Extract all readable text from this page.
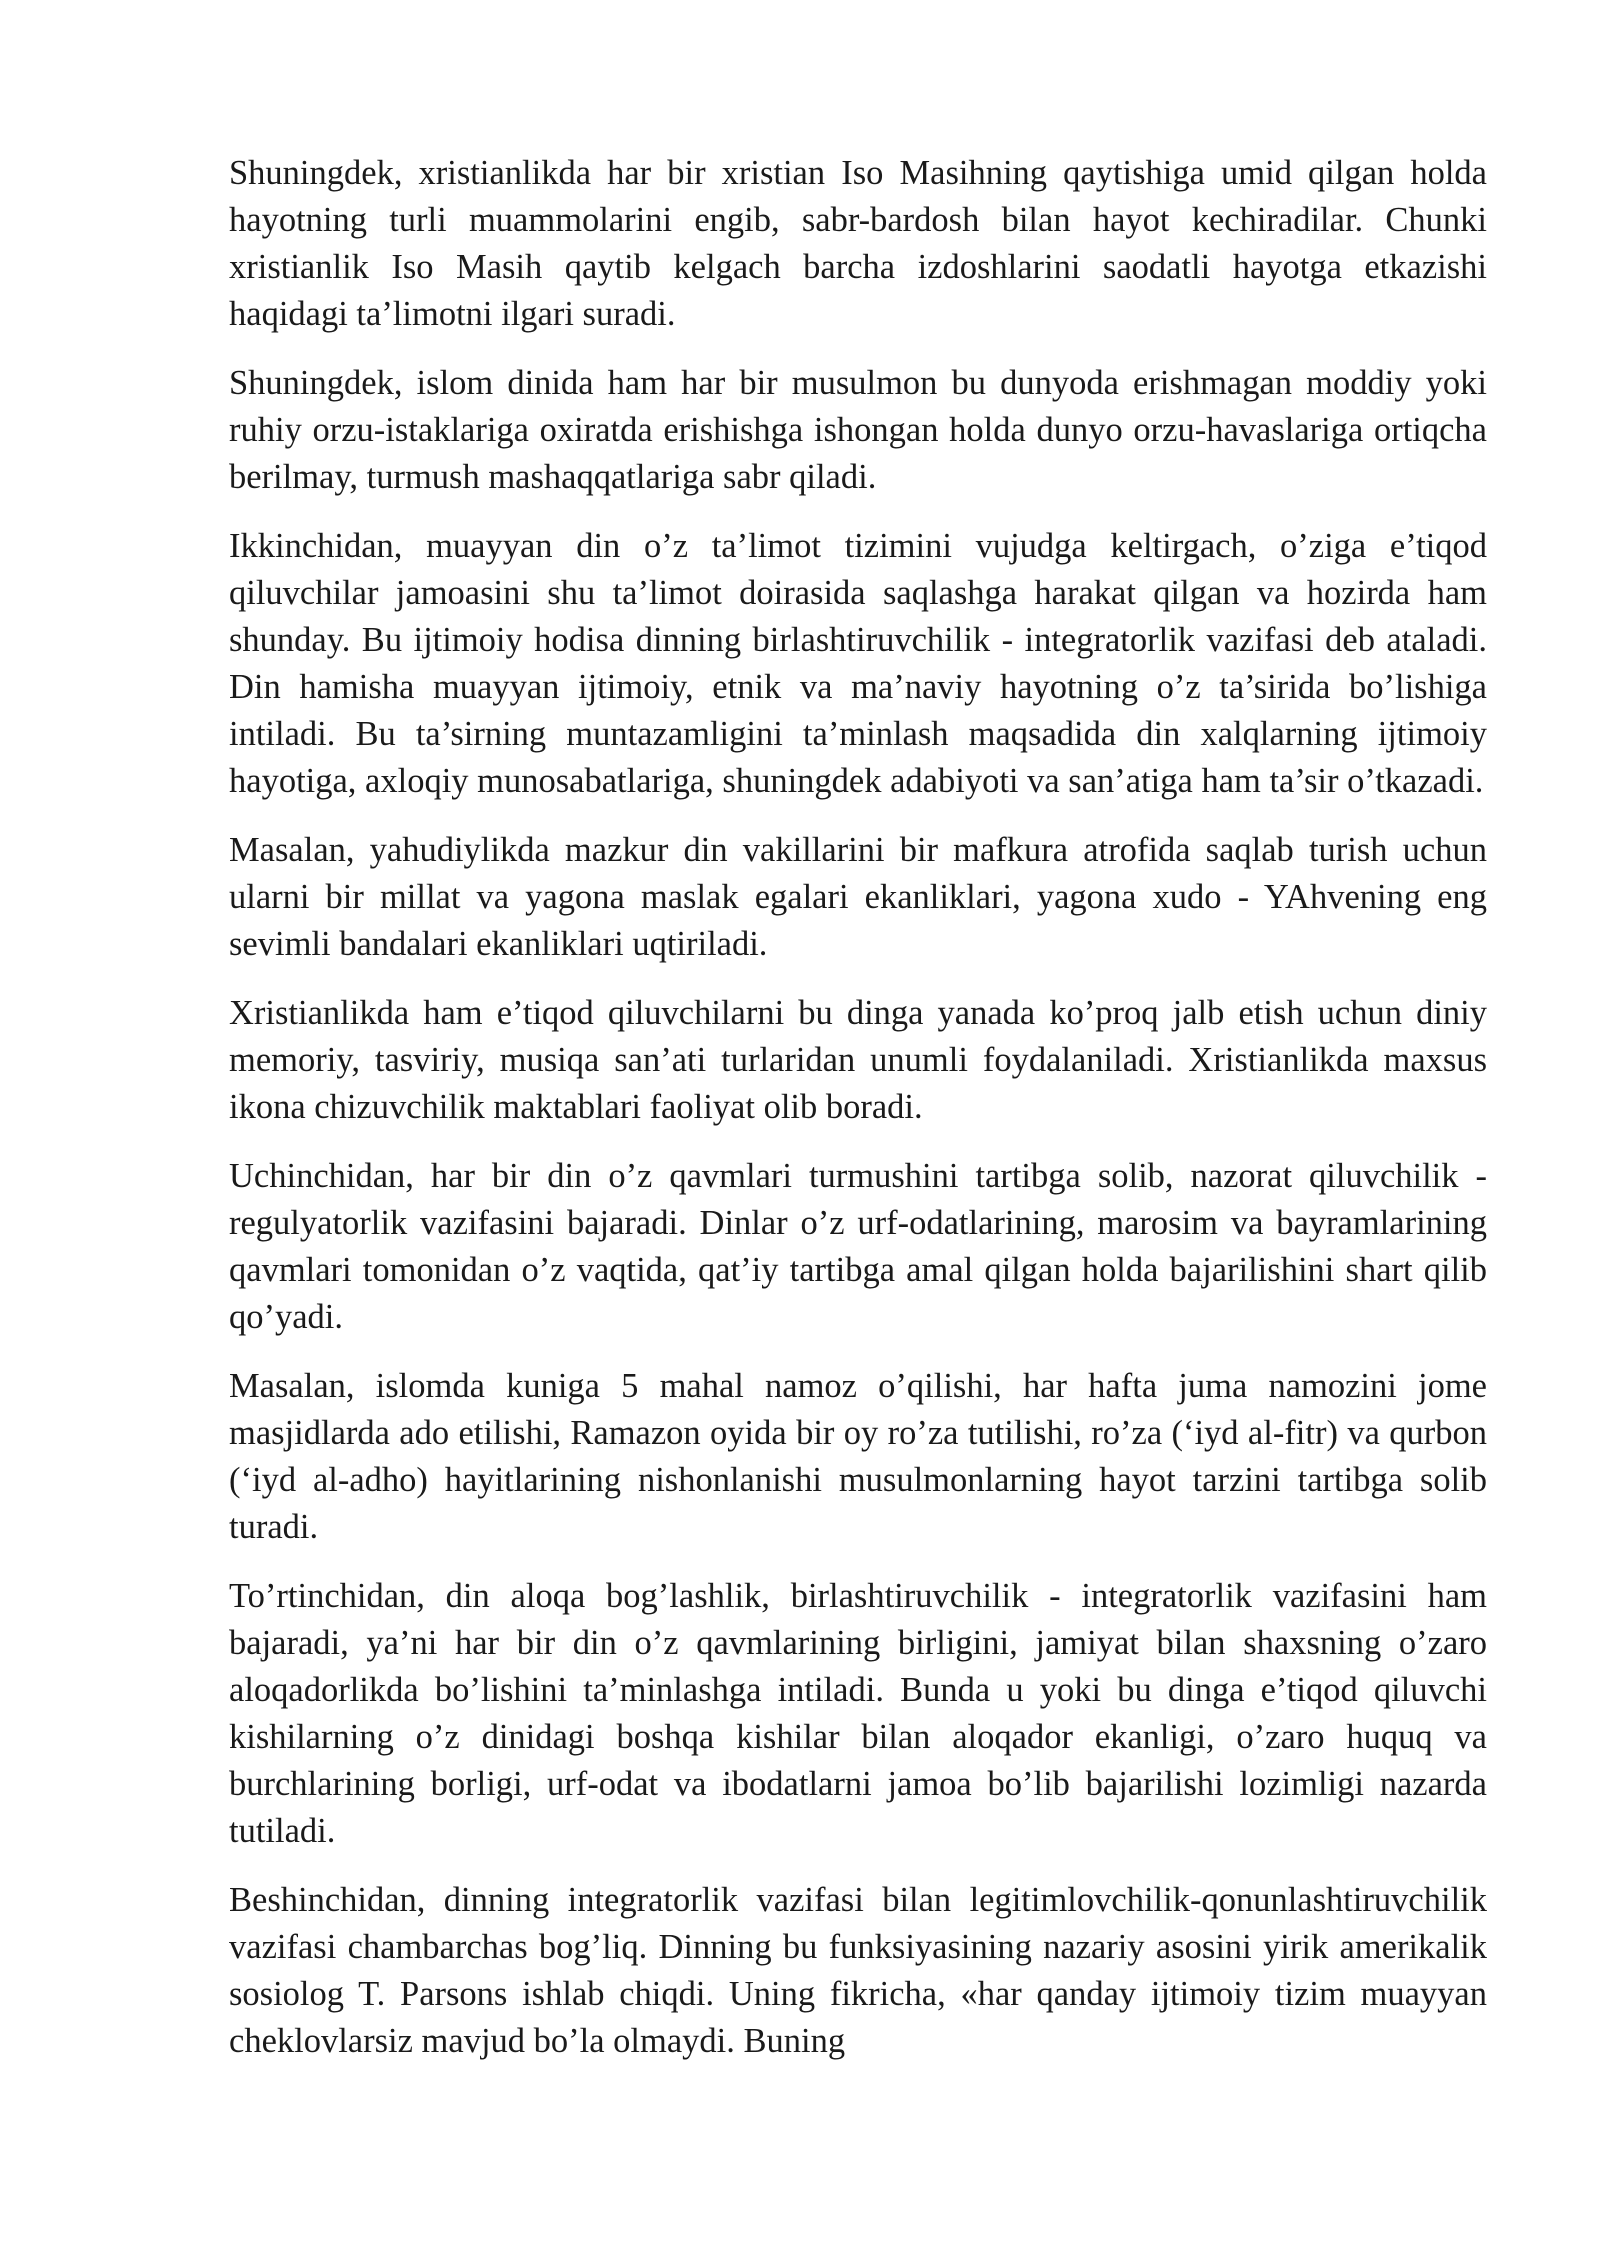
Shuningdek, xristianlikda har bir xristian Iso Masihning qaytishiga umid qilgan holda hayotning turli muammolarini engib, sabr-bardosh bilan hayot kechiradilar. Chunki xristianlik Iso Masih qaytib kelgach barcha izdoshlarini saodatli hayotga etkazishi haqidagi ta’limotni ilgari suradi.

Shuningdek, islom dinida ham har bir musulmon bu dunyoda erishmagan moddiy yoki ruhiy orzu-istaklariga oxiratda erishishga ishongan holda dunyo orzu-havaslariga ortiqcha berilmay, turmush mashaqqatlariga sabr qiladi.

Ikkinchidan, muayyan din o’z ta’limot tizimini vujudga keltirgach, o’ziga e’tiqod qiluvchilar jamoasini shu ta’limot doirasida saqlashga harakat qilgan va hozirda ham shunday. Bu ijtimoiy hodisa dinning birlashtiruvchilik - integratorlik vazifasi deb ataladi. Din hamisha muayyan ijtimoiy, etnik va ma’naviy hayotning o’z ta’sirida bo’lishiga intiladi. Bu ta’sirning muntazamligini ta’minlash maqsadida din xalqlarning ijtimoiy hayotiga, axloqiy munosabatlariga, shuningdek adabiyoti va san’atiga ham ta’sir o’tkazadi.

Masalan, yahudiylikda mazkur din vakillarini bir mafkura atrofida saqlab turish uchun ularni bir millat va yagona maslak egalari ekanliklari, yagona xudo - YAhvening eng sevimli bandalari ekanliklari uqtiriladi.

Xristianlikda ham e’tiqod qiluvchilarni bu dinga yanada ko’proq jalb etish uchun diniy memoriy, tasviriy, musiqa san’ati turlaridan unumli foydalaniladi. Xristianlikda maxsus ikona chizuvchilik maktablari faoliyat olib boradi.

Uchinchidan, har bir din o’z qavmlari turmushini tartibga solib, nazorat qiluvchilik - regulyatorlik vazifasini bajaradi. Dinlar o’z urf-odatlarining, marosim va bayramlarining qavmlari tomonidan o’z vaqtida, qat’iy tartibga amal qilgan holda bajarilishini shart qilib qo’yadi.

Masalan, islomda kuniga 5 mahal namoz o’qilishi, har hafta juma namozini jome masjidlarda ado etilishi, Ramazon oyida bir oy ro’za tutilishi, ro’za (‘iyd al-fitr) va qurbon (‘iyd al-adho) hayitlarining nishonlanishi musulmonlarning hayot tarzini tartibga solib turadi.

To’rtinchidan, din aloqa bog’lashlik, birlashtiruvchilik - integratorlik vazifasini ham bajaradi, ya’ni har bir din o’z qavmlarining birligini, jamiyat bilan shaxsning o’zaro aloqadorlikda bo’lishini ta’minlashga intiladi. Bunda u yoki bu dinga e’tiqod qiluvchi kishilarning o’z dinidagi boshqa kishilar bilan aloqador ekanligi, o’zaro huquq va burchlarining borligi, urf-odat va ibodatlarni jamoa bo’lib bajarilishi lozimligi nazarda tutiladi.

Beshinchidan, dinning integratorlik vazifasi bilan legitimlovchilik-qonunlashtiruvchilik vazifasi chambarchas bog’liq. Dinning bu funksiyasining nazariy asosini yirik amerikalik sosiolog T. Parsons ishlab chiqdi. Uning fikricha, «har qanday ijtimoiy tizim muayyan cheklovlarsiz mavjud bo’la olmaydi. Buning
